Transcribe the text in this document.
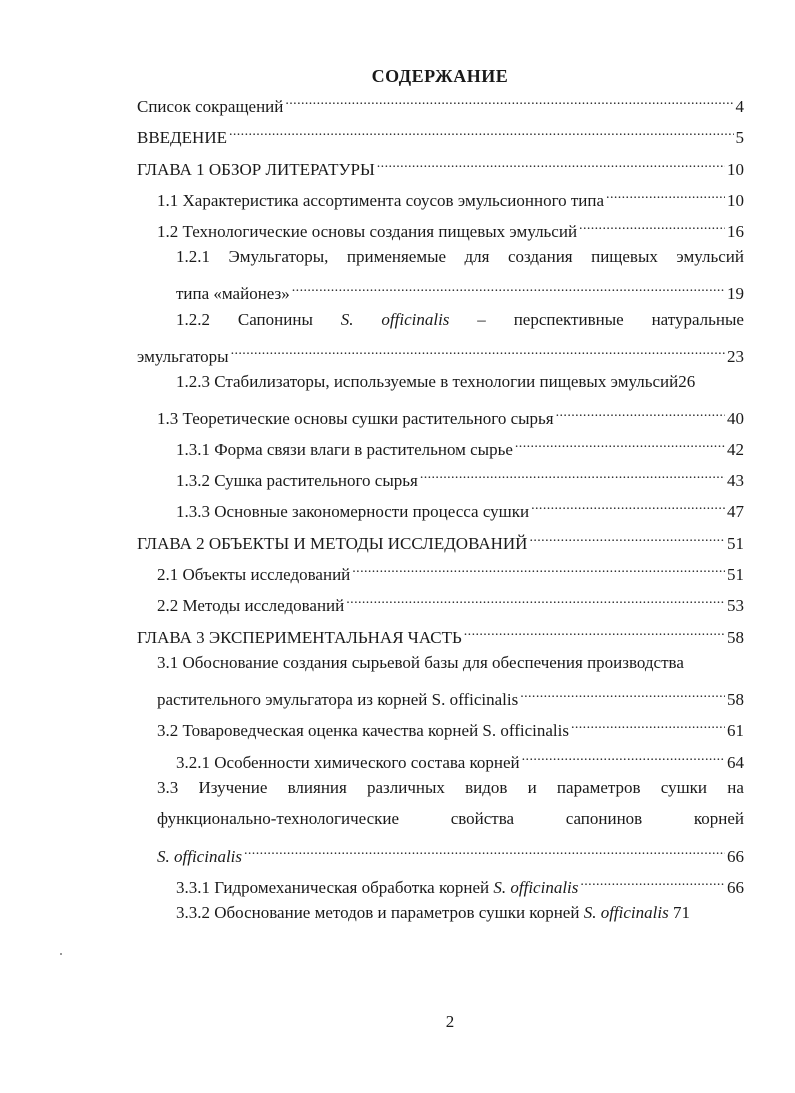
СОДЕРЖАНИЕ
Список сокращений .....	4
ВВЕДЕНИЕ .....	5
ГЛАВА 1 ОБЗОР ЛИТЕРАТУРЫ .....	10
1.1 Характеристика ассортимента соусов эмульсионного типа .....	10
1.2 Технологические основы создания пищевых эмульсий .....	16
1.2.1 Эмульгаторы, применяемые для создания пищевых эмульсий
типа «майонез» .....	19
1.2.2 Сапонины S. officinalis – перспективные натуральные
эмульгаторы .....	23
1.2.3 Стабилизаторы, используемые в технологии пищевых эмульсий26
1.3 Теоретические основы сушки растительного сырья .....	40
1.3.1 Форма связи влаги в растительном сырье .....	42
1.3.2 Сушка растительного сырья .....	43
1.3.3 Основные закономерности процесса сушки .....	47
ГЛАВА 2 ОБЪЕКТЫ И МЕТОДЫ ИССЛЕДОВАНИЙ .....	51
2.1 Объекты исследований .....	51
2.2 Методы исследований .....	53
ГЛАВА 3 ЭКСПЕРИМЕНТАЛЬНАЯ ЧАСТЬ .....	58
3.1 Обоснование создания сырьевой базы для обеспечения производства
растительного эмульгатора из корней S. officinalis .....	58
3.2 Товароведческая оценка качества корней S. officinalis .....	61
3.2.1 Особенности химического состава корней .....	64
3.3 Изучение влияния различных видов и параметров сушки на
функционально-технологические	свойства	сапонинов	корней
S. officinalis .....	66
3.3.1 Гидромеханическая обработка корней S. officinalis .....	66
3.3.2 Обоснование методов и параметров сушки корней S. officinalis 71
2
